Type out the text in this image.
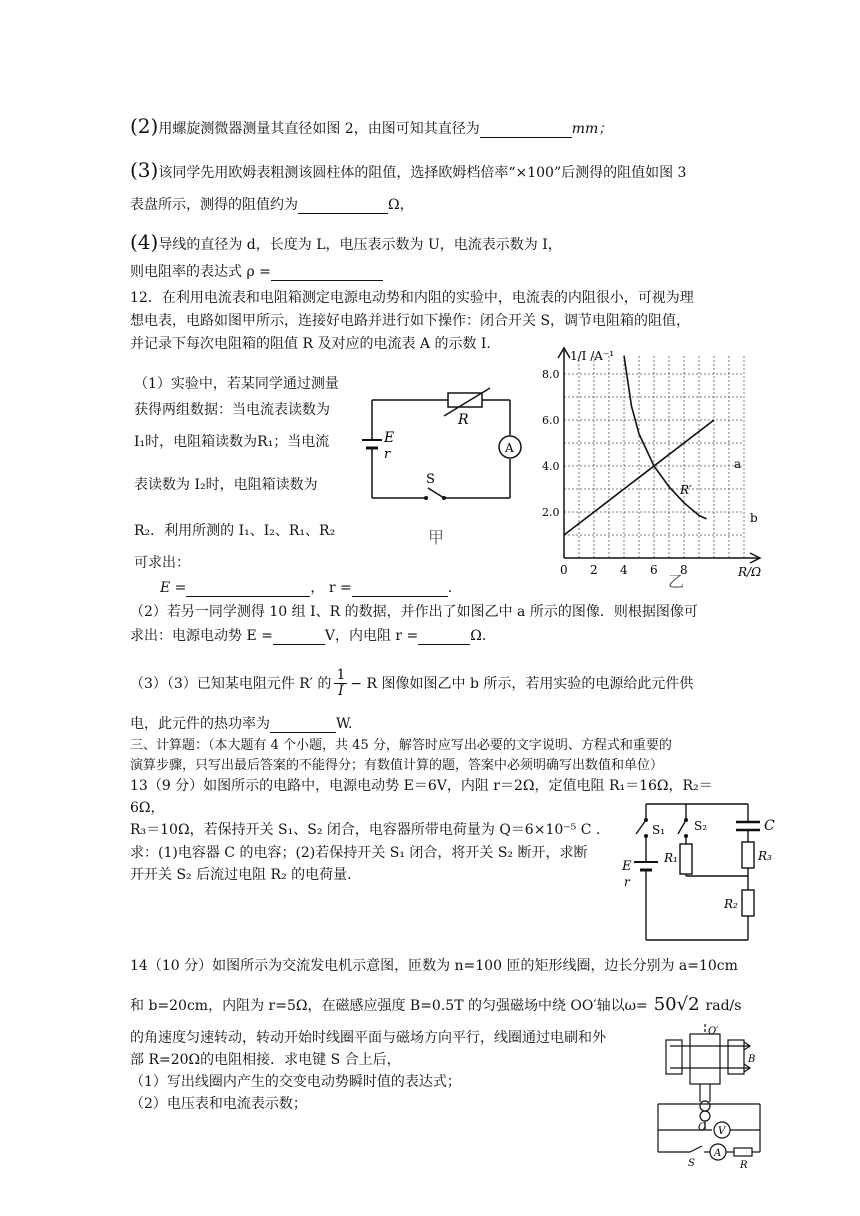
(2)用螺旋测微器测量其直径如图 2，由图可知其直径为	mm；
(3)该同学先用欧姆表粗测该圆柱体的阻值，选择欧姆档倍率“×100”后测得的阻值如图 3
表盘所示，测得的阻值约为	Ω，
(4)导线的直径为 d，长度为 L，电压表示数为 U，电流表示数为 I，
则电阻率的表达式 ρ =
12．在利用电流表和电阻箱测定电源电动势和内阻的实验中，电流表的内阻很小，可视为理
想电表，电路如图甲所示，连接好电路并进行如下操作：闭合开关 S，调节电阻箱的阻值，
并记录下每次电阻箱的阻值 R 及对应的电流表 A 的示数 I.
（1）实验中，若某同学通过测量
获得两组数据：当电流表读数为
I₁时，电阻箱读数为R₁；当电流
表读数为 I₂时，电阻箱读数为
R₂．利用所测的 I₁、I₂、R₁、R₂
可求出：
E =	， r =	.
R
A
E
r
S
甲
0 2 4 6 8
2.0
4.0
6.0
8.0
1/I /A⁻¹
R/Ω
a
b
R′
乙
（2）若另一同学测得 10 组 I、R 的数据，并作出了如图乙中 a 所示的图像．则根据图像可
求出：电源电动势 E =	V，内电阻 r =	Ω．
（3）（3）已知某电阻元件 R′ 的 $\frac{1}{I} - R$ 图像如图乙中 b 所示，若用实验的电源给此元件供
电，此元件的热功率为	W.
三、计算题：（本大题有 4 个小题，共 45 分，解答时应写出必要的文字说明、方程式和重要的
演算步骤，只写出最后答案的不能得分；有数值计算的题，答案中必须明确写出数值和单位）
13（9 分）如图所示的电路中，电源电动势 E＝6V，内阻 r＝2Ω，定值电阻 R₁＝16Ω，R₂＝
6Ω，
R₃＝10Ω，若保持开关 S₁、S₂ 闭合，电容器所带电荷量为 Q＝6×10⁻⁵ C .
求：(1)电容器 C 的电容；(2)若保持开关 S₁ 闭合，将开关 S₂ 断开，求断
开开关 S₂ 后流过电阻 R₂ 的电荷量.
S₁ S₂	C
R₁	R₃
R₂
E
r
14（10 分）如图所示为交流发电机示意图，匝数为 n=100 匝的矩形线圈，边长分别为 a=10cm
和 b=20cm，内阻为 r=5Ω，在磁感应强度 B=0.5T 的匀强磁场中绕 OO′轴以ω= 50√2 rad/s
的角速度匀速转动，转动开始时线圈平面与磁场方向平行，线圈通过电刷和外
部 R=20Ω的电阻相接．求电键 S 合上后，
（1）写出线圈内产生的交变电动势瞬时值的表达式；
（2）电压表和电流表示数；
O′
B
O V
A
S	R
